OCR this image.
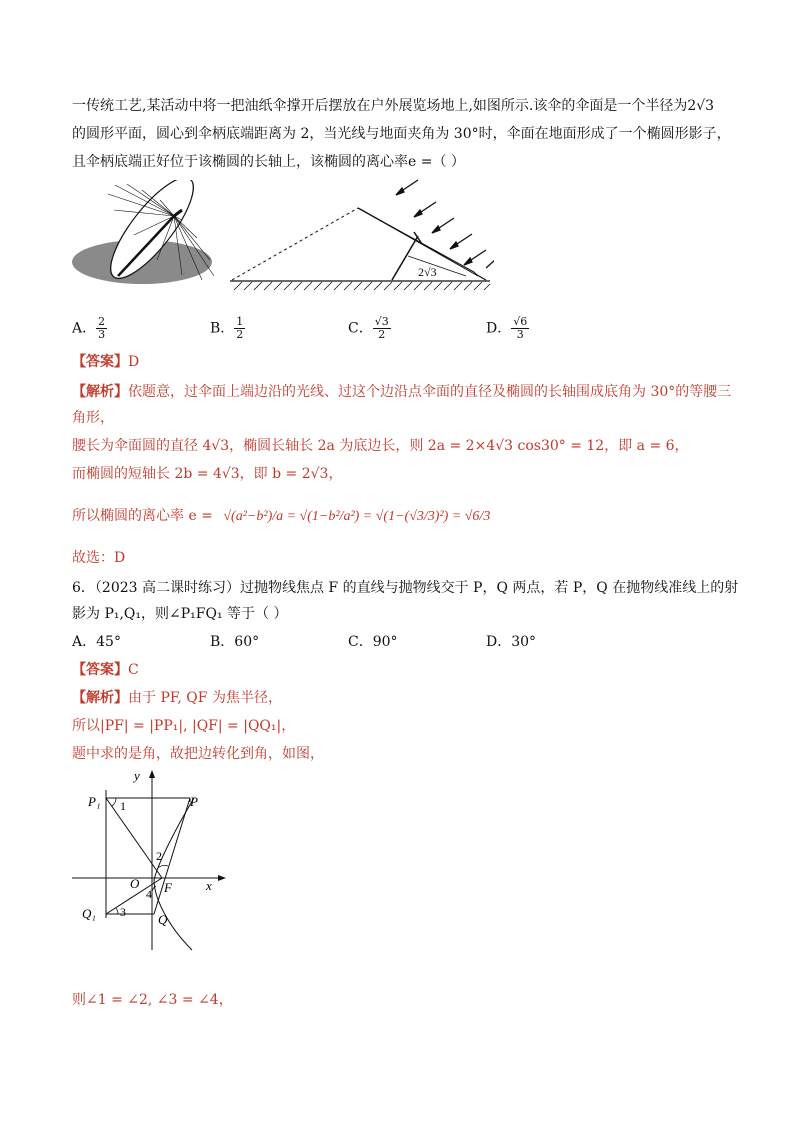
一传统工艺,某活动中将一把油纸伞撑开后摆放在户外展览场地上,如图所示.该伞的伞面是一个半径为2√3
的圆形平面，圆心到伞柄底端距离为 2，当光线与地面夹角为 30°时，伞面在地面形成了一个椭圆形影子，
且伞柄底端正好位于该椭圆的长轴上，该椭圆的离心率e =（ ）
2√3
A． $\frac{2}{3}$	B． $\frac{1}{2}$	C． $\frac{√3}{2}$	D． $\frac{√6}{3}$
【答案】D
【解析】依题意，过伞面上端边沿的光线、过这个边沿点伞面的直径及椭圆的长轴围成底角为 30°的等腰三
角形，
腰长为伞面圆的直径 4√3，椭圆长轴长 2a 为底边长，则 2a = 2×4√3 cos30° = 12，即 a = 6，
而椭圆的短轴长 2b = 4√3，即 b = 2√3，
所以椭圆的离心率 e = √(a²−b²)/a = √(1−b²/a²) = √(1−(√3/3)²) = √6/3
故选：D
6．（2023 高二课时练习）过抛物线焦点 F 的直线与抛物线交于 P，Q 两点，若 P，Q 在抛物线准线上的射
影为 P₁,Q₁，则∠P₁FQ₁ 等于（ ）
A．45°	B．60°	C．90°	D．30°
【答案】C
【解析】由于 PF, QF 为焦半径，
所以|PF| = |PP₁|, |QF| = |QQ₁|，
题中求的是角，故把边转化到角，如图，
y
x
P₁	P
Q₁	Q
O F
1
2
3
4
则∠1 = ∠2, ∠3 = ∠4，
